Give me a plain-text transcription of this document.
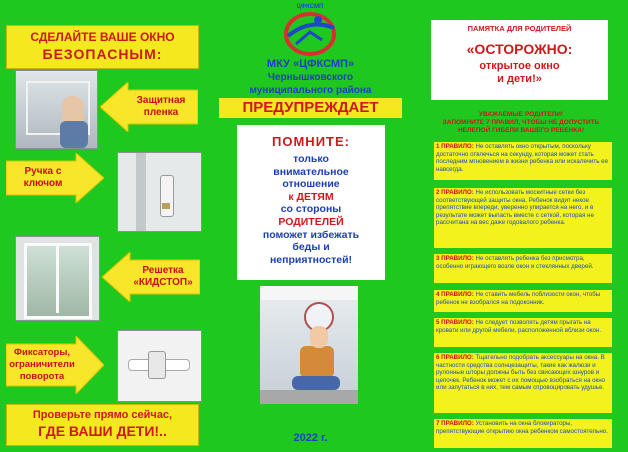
СДЕЛАЙТЕ ВАШЕ ОКНО
БЕЗОПАСНЫМ:
Защитная пленка
Ручка с ключом
Решетка «КИДСТОП»
Фиксаторы, ограничители поворота
Проверьте прямо сейчас,
ГДЕ ВАШИ ДЕТИ!..
ЦФКСМП
МКУ «ЦФКСМП»
Чернышковского
муниципального района
ПРЕДУПРЕЖДАЕТ
ПОМНИТЕ:
только
внимательное
отношение
к ДЕТЯМ
со стороны
РОДИТЕЛЕЙ
поможет избежать
беды и
неприятностей!
2022 г.
ПАМЯТКА ДЛЯ РОДИТЕЛЕЙ
«ОСТОРОЖНО:
открытое окно
и дети!»
УВАЖАЕМЫЕ РОДИТЕЛИ!
ЗАПОМНИТЕ 7 ПРАВИЛ, ЧТОБЫ НЕ ДОПУСТИТЬ НЕЛЕПОЙ ГИБЕЛИ ВАШЕГО РЕБЕНКА!
1 ПРАВИЛО: Не оставлять окно открытым, поскольку достаточно отвлечься на секунду, которая может стать последним мгновением в жизни ребенка или искалечить ее навсегда.
2 ПРАВИЛО: Не использовать москитные сетки без соответствующей защиты окна. Ребенок видит некое препятствие впереди, уверенно упирается на него, и в результате может выпасть вместе с сеткой, которая не рассчитана на вес даже годовалого ребенка.
3 ПРАВИЛО: Не оставлять ребенка без присмотра, особенно играющего возле окон и стеклянных дверей.
4 ПРАВИЛО: Не ставить мебель поблизости окон, чтобы ребенок не взобрался на подоконник.
5 ПРАВИЛО: Не следует позволять детям прыгать на кровати или другой мебели, расположенной вблизи окон.
6 ПРАВИЛО: Тщательно подобрать аксессуары на окна. В частности средства солнцезащиты, такие как жалюзи и рулонные шторы должны быть без свисающих шнуров и цепочек. Ребенок может с их помощью взобраться на окно или запутаться в них, тем самым спровоцировать удушье.
7 ПРАВИЛО: Установить на окна блокираторы, препятствующие открытию окна ребенком самостоятельно.
